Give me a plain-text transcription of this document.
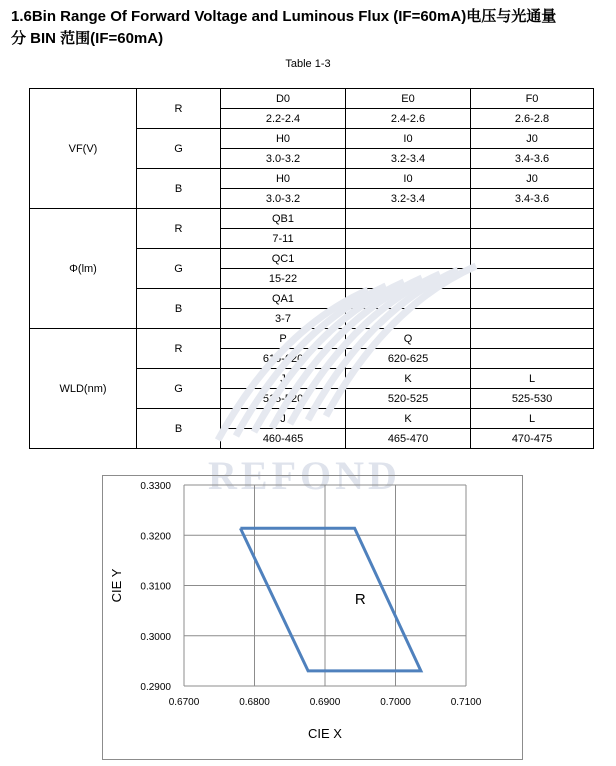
1.6Bin Range Of Forward Voltage and Luminous Flux (IF=60mA)电压与光通量
分 BIN 范围(IF=60mA)
Table 1-3
VF(V)	R	D0	E0	F0
		2.2-2.4	2.4-2.6	2.6-2.8
	G	H0	I0	J0
		3.0-3.2	3.2-3.4	3.4-3.6
	B	H0	I0	J0
		3.0-3.2	3.2-3.4	3.4-3.6
Φ(lm)	R	QB1		
		7-11		
	G	QC1		
		15-22		
	B	QA1		
		3-7		
WLD(nm)	R	P	Q	
		615-620	620-625	
	G	J	K	L
		515-520	520-525	525-530
	B	J	K	L
		460-465	465-470	470-475
REFOND
0.6700	0.6800	0.6900	0.7000	0.7100
0.2900
0.3000
0.3100
0.3200
0.3300
CIE X
CIE Y	R
